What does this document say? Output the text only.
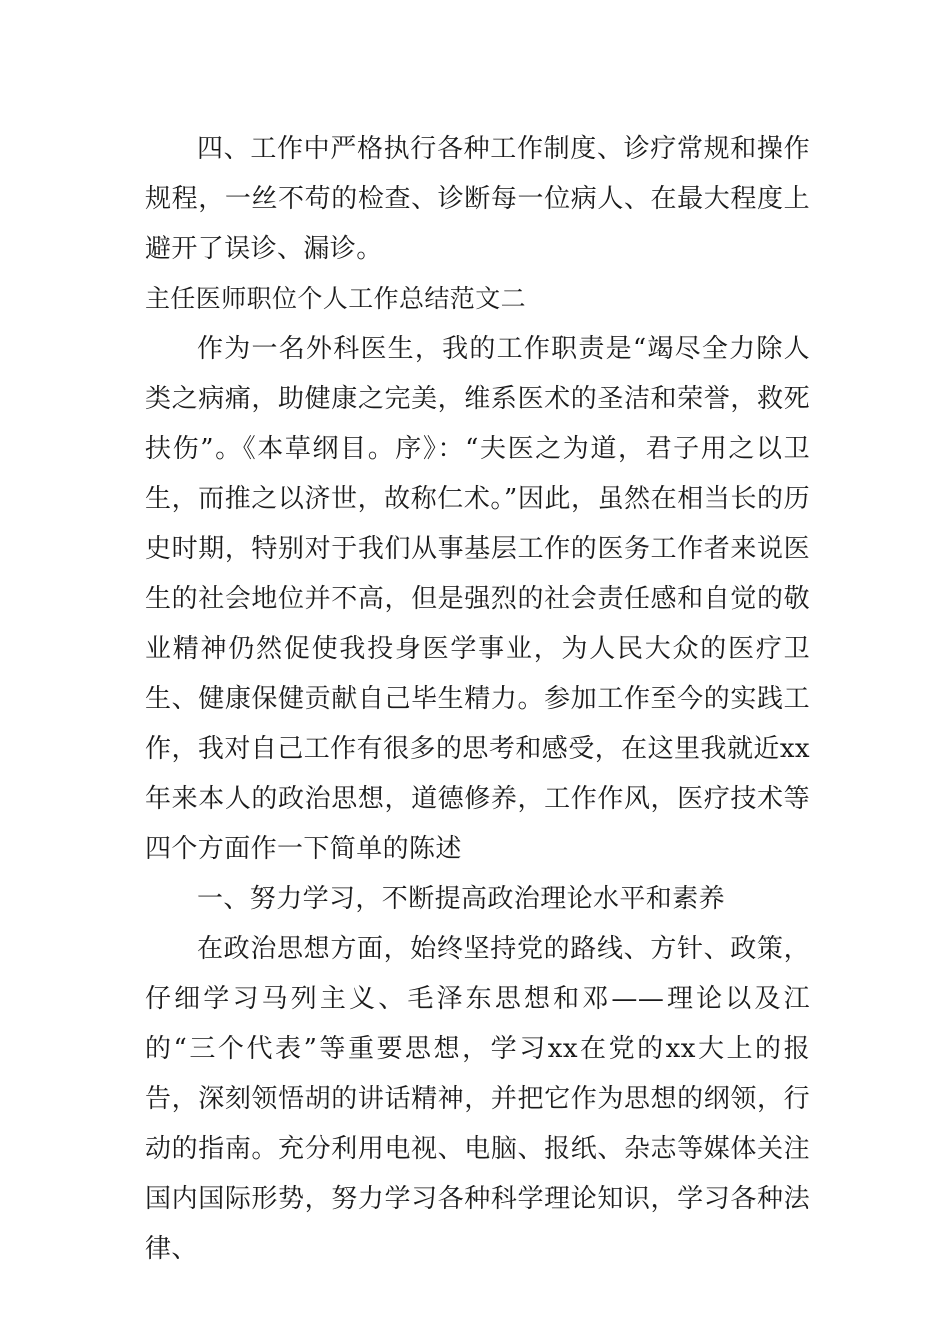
四、工作中严格执行各种工作制度、诊疗常规和操作规程，一丝不苟的检查、诊断每一位病人、在最大程度上避开了误诊、漏诊。

主任医师职位个人工作总结范文二

作为一名外科医生，我的工作职责是“竭尽全力除人类之病痛，助健康之完美，维系医术的圣洁和荣誉，救死扶伤”。《本草纲目。序》：“夫医之为道，君子用之以卫生，而推之以济世，故称仁术。”因此，虽然在相当长的历史时期，特别对于我们从事基层工作的医务工作者来说医生的社会地位并不高，但是强烈的社会责任感和自觉的敬业精神仍然促使我投身医学事业，为人民大众的医疗卫生、健康保健贡献自己毕生精力。参加工作至今的实践工作，我对自己工作有很多的思考和感受，在这里我就近xx年来本人的政治思想，道德修养，工作作风，医疗技术等四个方面作一下简单的陈述

一、努力学习，不断提高政治理论水平和素养

在政治思想方面，始终坚持党的路线、方针、政策，仔细学习马列主义、毛泽东思想和邓——理论以及江的“三个代表”等重要思想，学习xx在党的xx大上的报告，深刻领悟胡的讲话精神，并把它作为思想的纲领，行动的指南。充分利用电视、电脑、报纸、杂志等媒体关注国内国际形势，努力学习各种科学理论知识，学习各种法律、
